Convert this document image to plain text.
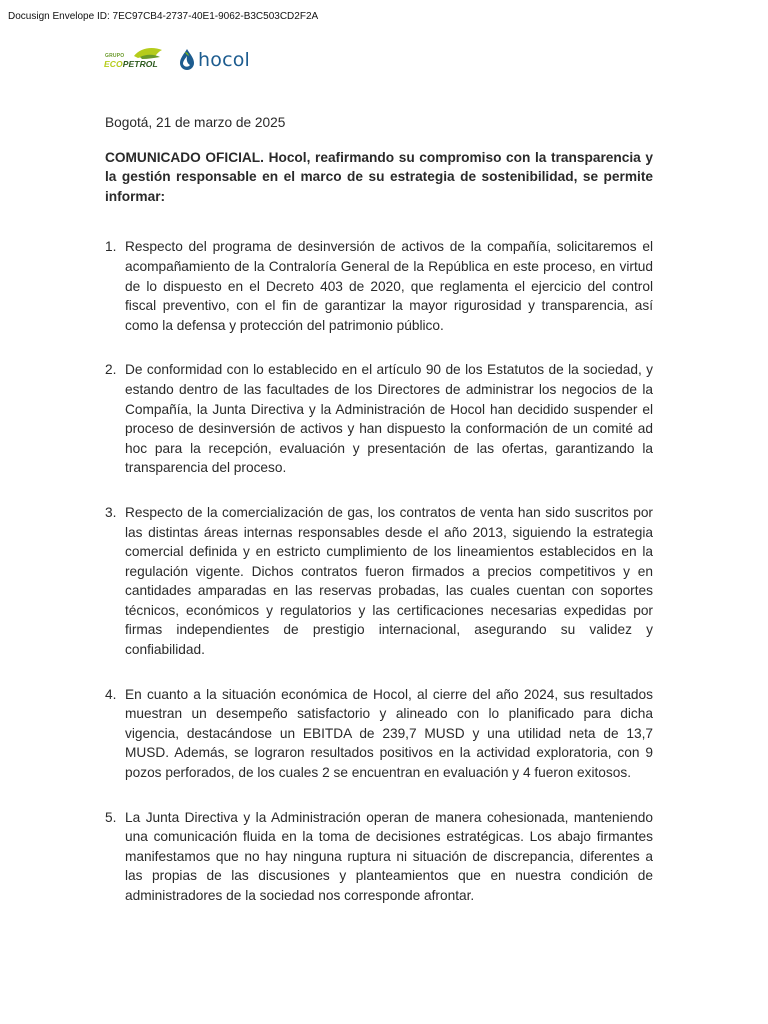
Docusign Envelope ID: 7EC97CB4-2737-40E1-9062-B3C503CD2F2A
GRUPO
ECOPETROL hocol

Bogotá, 21 de marzo de 2025

COMUNICADO OFICIAL. Hocol, reafirmando su compromiso con la transparencia y la gestión responsable en el marco de su estrategia de sostenibilidad, se permite informar:

1. Respecto del programa de desinversión de activos de la compañía, solicitaremos el acompañamiento de la Contraloría General de la República en este proceso, en virtud de lo dispuesto en el Decreto 403 de 2020, que reglamenta el ejercicio del control fiscal preventivo, con el fin de garantizar la mayor rigurosidad y transparencia, así como la defensa y protección del patrimonio público.
2. De conformidad con lo establecido en el artículo 90 de los Estatutos de la sociedad, y estando dentro de las facultades de los Directores de administrar los negocios de la Compañía, la Junta Directiva y la Administración de Hocol han decidido suspender el proceso de desinversión de activos y han dispuesto la conformación de un comité ad hoc para la recepción, evaluación y presentación de las ofertas, garantizando la transparencia del proceso.
3. Respecto de la comercialización de gas, los contratos de venta han sido suscritos por las distintas áreas internas responsables desde el año 2013, siguiendo la estrategia comercial definida y en estricto cumplimiento de los lineamientos establecidos en la regulación vigente. Dichos contratos fueron firmados a precios competitivos y en cantidades amparadas en las reservas probadas, las cuales cuentan con soportes técnicos, económicos y regulatorios y las certificaciones necesarias expedidas por firmas independientes de prestigio internacional, asegurando su validez y confiabilidad.
4. En cuanto a la situación económica de Hocol, al cierre del año 2024, sus resultados muestran un desempeño satisfactorio y alineado con lo planificado para dicha vigencia, destacándose un EBITDA de 239,7 MUSD y una utilidad neta de 13,7 MUSD. Además, se lograron resultados positivos en la actividad exploratoria, con 9 pozos perforados, de los cuales 2 se encuentran en evaluación y 4 fueron exitosos.
5. La Junta Directiva y la Administración operan de manera cohesionada, manteniendo una comunicación fluida en la toma de decisiones estratégicas. Los abajo firmantes manifestamos que no hay ninguna ruptura ni situación de discrepancia, diferentes a las propias de las discusiones y planteamientos que en nuestra condición de administradores de la sociedad nos corresponde afrontar.
